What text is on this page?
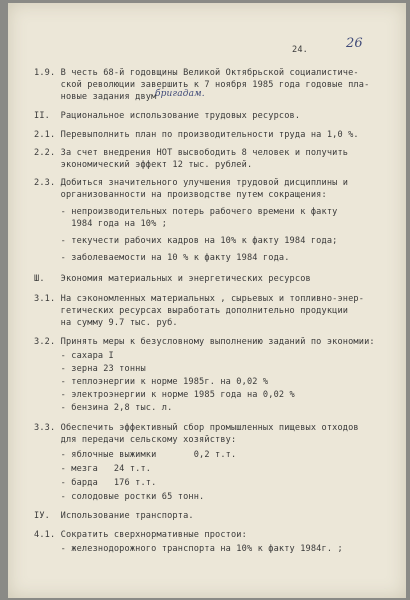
24.	26
1.9. В честь 68-й годовщины Великой Октябрьской социалистиче-
ской революции завершить к 7 ноября 1985 года годовые пла-
новые задания двум
бригадам.
II.  Рациональное использование трудовых ресурсов.
2.1. Перевыполнить план по производительности труда на 1,0 %.
2.2. За счет внедрения НОТ высвободить 8 человек и получить
экономический эффект 12 тыс. рублей.
2.3. Добиться значительного улучшения трудовой дисциплины и
организованности на производстве путем сокращения:
- непроизводительных потерь рабочего времени к факту
1984 года на 10% ;
- текучести рабочих кадров на 10% к факту 1984 года;
- заболеваемости на 10 % к факту 1984 года.
Ш.   Экономия материальных и энергетических ресурсов
3.1. На сэкономленных материальных , сырьевых и топливно-энер-
гетических ресурсах выработать дополнительно продукции
на сумму 9.7 тыс. руб.
3.2. Принять меры к безусловному выполнению заданий по экономии:
- сахара I
- зерна 23 тонны
- теплоэнергии к норме 1985г. на 0,02 %
- электроэнергии к норме 1985 года на 0,02 %
- бензина 2,8 тыс. л.
3.3. Обеспечить эффективный сбор промышленных пищевых отходов
для передачи сельскому хозяйству:
- яблочные выжимки       0,2 т.т.
- мезга   24 т.т.
- барда   176 т.т.
- солодовые ростки 65 тонн.
IУ.  Использование транспорта.
4.1. Сократить сверхнормативные простои:
- железнодорожного транспорта на 10% к факту 1984г. ;
